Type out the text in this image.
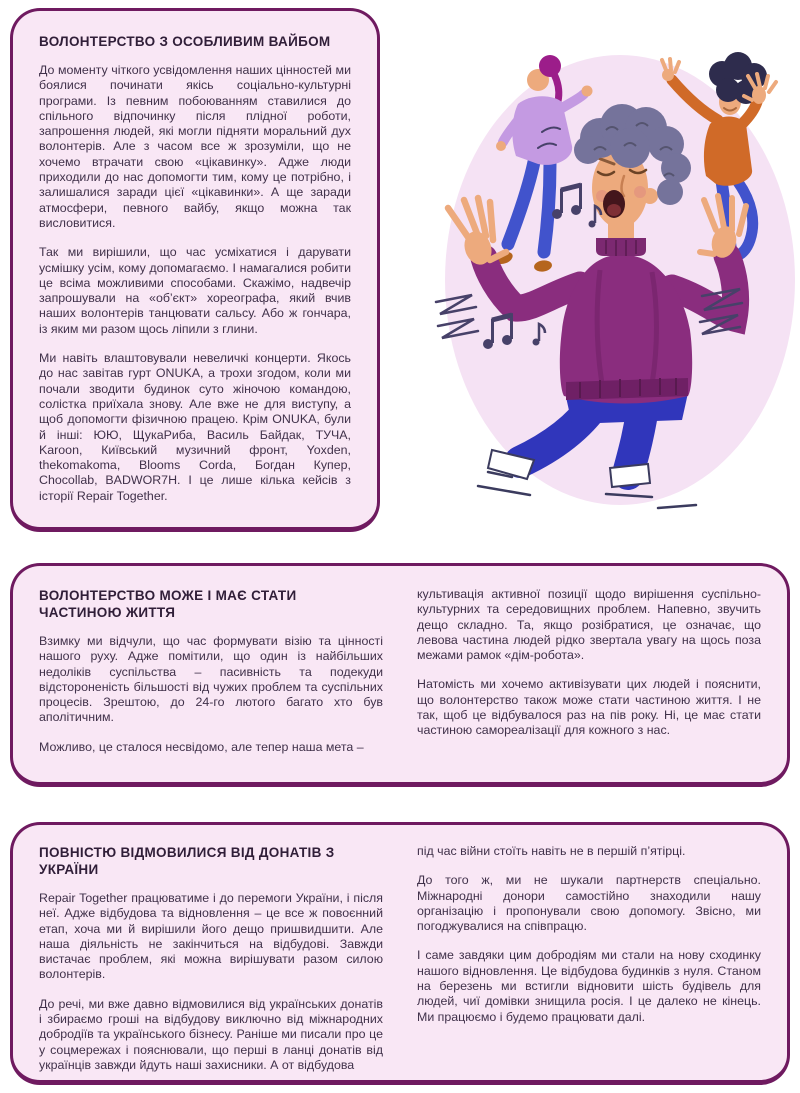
ВОЛОНТЕРСТВО З ОСОБЛИВИМ ВАЙБОМ

До моменту чіткого усвідомлення наших цінностей ми боялися починати якісь соціально-культурні програми. Із певним побоюванням ставилися до спільного відпочинку після плідної роботи, запрошення людей, які могли підняти моральний дух волонтерів. Але з часом все ж зрозуміли, що не хочемо втрачати свою «цікавинку». Адже люди приходили до нас допомогти тим, кому це потрібно, і залишалися заради цієї «цікавинки». А ще заради атмосфери, певного вайбу, якщо можна так висловитися.

Так ми вирішили, що час усміхатися і дарувати усмішку усім, кому допомагаємо. І намагалися робити це всіма можливими способами. Скажімо, надвечір запрошували на «об’єкт» хореографа, який вчив наших волонтерів танцювати сальсу. Або ж гончара, із яким ми разом щось ліпили з глини.

Ми навіть влаштовували невеличкі концерти. Якось до нас завітав гурт ONUKA, а трохи згодом, коли ми почали зводити будинок суто жіночою командою, солістка приїхала знову. Але вже не для виступу, а щоб допомогти фізичною працею. Крім ONUKA, були й інші: ЮЮ, ЩукаРиба, Василь Байдак, ТУЧА, Karoon, Київський музичний фронт, Yoxden, thekomakoma, Blooms Corda, Богдан Купер, Chocollab, BADWOR7H. І це лише кілька кейсів з історії Repair Together.

ВОЛОНТЕРСТВО МОЖЕ І МАЄ СТАТИ ЧАСТИНОЮ ЖИТТЯ

Взимку ми відчули, що час формувати візію та цінності нашого руху. Адже помітили, що один із найбільших недоліків суспільства – пасивність та подекуди відстороненість більшості від чужих проблем та суспільних процесів. Зрештою, до 24-го лютого багато хто був аполітичним.

Можливо, це сталося несвідомо, але тепер наша мета –

культивація активної позиції щодо вирішення суспільно-культурних та середовищних проблем. Напевно, звучить дещо складно. Та, якщо розібратися, це означає, що левова частина людей рідко звертала увагу на щось поза межами рамок «дім-робота».

Натомість ми хочемо активізувати цих людей і пояснити, що волонтерство також може стати частиною життя. І не так, щоб це відбувалося раз на пів року. Ні, це має стати частиною самореалізації для кожного з нас.

ПОВНІСТЮ ВІДМОВИЛИСЯ ВІД ДОНАТІВ З УКРАЇНИ

Repair Together працюватиме і до перемоги України, і після неї. Адже відбудова та відновлення – це все ж повоєнний етап, хоча ми й вирішили його дещо пришвидшити. Але наша діяльність не закінчиться на відбудові. Завжди вистачає проблем, які можна вирішувати разом силою волонтерів.

До речі, ми вже давно відмовилися від українських донатів і збираємо гроші на відбудову виключно від міжнародних добродіїв та українського бізнесу. Раніше ми писали про це у соцмережах і пояснювали, що перші в ланці донатів від українців завжди йдуть наші захисники. А от відбудова

під час війни стоїть навіть не в першій п’ятірці.

До того ж, ми не шукали партнерств спеціально. Міжнародні донори самостійно знаходили нашу організацію і пропонували свою допомогу. Звісно, ми погоджувалися на співпрацю.

І саме завдяки цим добродіям ми стали на нову сходинку нашого відновлення. Це відбудова будинків з нуля. Станом на березень ми встигли відновити шість будівель для людей, чиї домівки знищила росія. І це далеко не кінець. Ми працюємо і будемо працювати далі.
